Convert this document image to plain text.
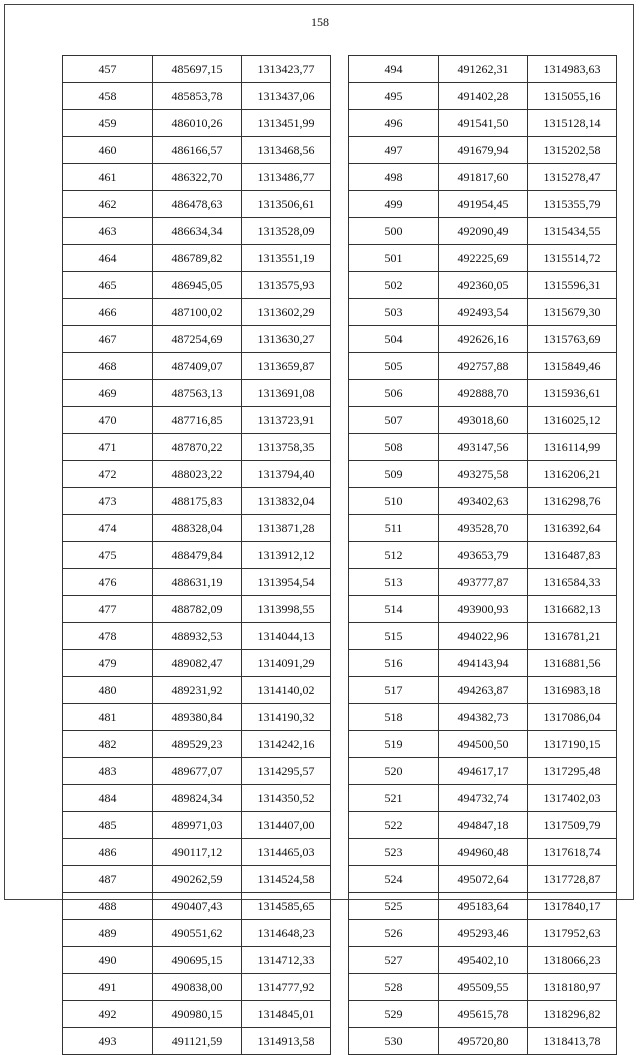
158
457	485697,15	1313423,77
458	485853,78	1313437,06
459	486010,26	1313451,99
460	486166,57	1313468,56
461	486322,70	1313486,77
462	486478,63	1313506,61
463	486634,34	1313528,09
464	486789,82	1313551,19
465	486945,05	1313575,93
466	487100,02	1313602,29
467	487254,69	1313630,27
468	487409,07	1313659,87
469	487563,13	1313691,08
470	487716,85	1313723,91
471	487870,22	1313758,35
472	488023,22	1313794,40
473	488175,83	1313832,04
474	488328,04	1313871,28
475	488479,84	1313912,12
476	488631,19	1313954,54
477	488782,09	1313998,55
478	488932,53	1314044,13
479	489082,47	1314091,29
480	489231,92	1314140,02
481	489380,84	1314190,32
482	489529,23	1314242,16
483	489677,07	1314295,57
484	489824,34	1314350,52
485	489971,03	1314407,00
486	490117,12	1314465,03
487	490262,59	1314524,58
488	490407,43	1314585,65
489	490551,62	1314648,23
490	490695,15	1314712,33
491	490838,00	1314777,92
492	490980,15	1314845,01
493	491121,59	1314913,58
494	491262,31	1314983,63
495	491402,28	1315055,16
496	491541,50	1315128,14
497	491679,94	1315202,58
498	491817,60	1315278,47
499	491954,45	1315355,79
500	492090,49	1315434,55
501	492225,69	1315514,72
502	492360,05	1315596,31
503	492493,54	1315679,30
504	492626,16	1315763,69
505	492757,88	1315849,46
506	492888,70	1315936,61
507	493018,60	1316025,12
508	493147,56	1316114,99
509	493275,58	1316206,21
510	493402,63	1316298,76
511	493528,70	1316392,64
512	493653,79	1316487,83
513	493777,87	1316584,33
514	493900,93	1316682,13
515	494022,96	1316781,21
516	494143,94	1316881,56
517	494263,87	1316983,18
518	494382,73	1317086,04
519	494500,50	1317190,15
520	494617,17	1317295,48
521	494732,74	1317402,03
522	494847,18	1317509,79
523	494960,48	1317618,74
524	495072,64	1317728,87
525	495183,64	1317840,17
526	495293,46	1317952,63
527	495402,10	1318066,23
528	495509,55	1318180,97
529	495615,78	1318296,82
530	495720,80	1318413,78
